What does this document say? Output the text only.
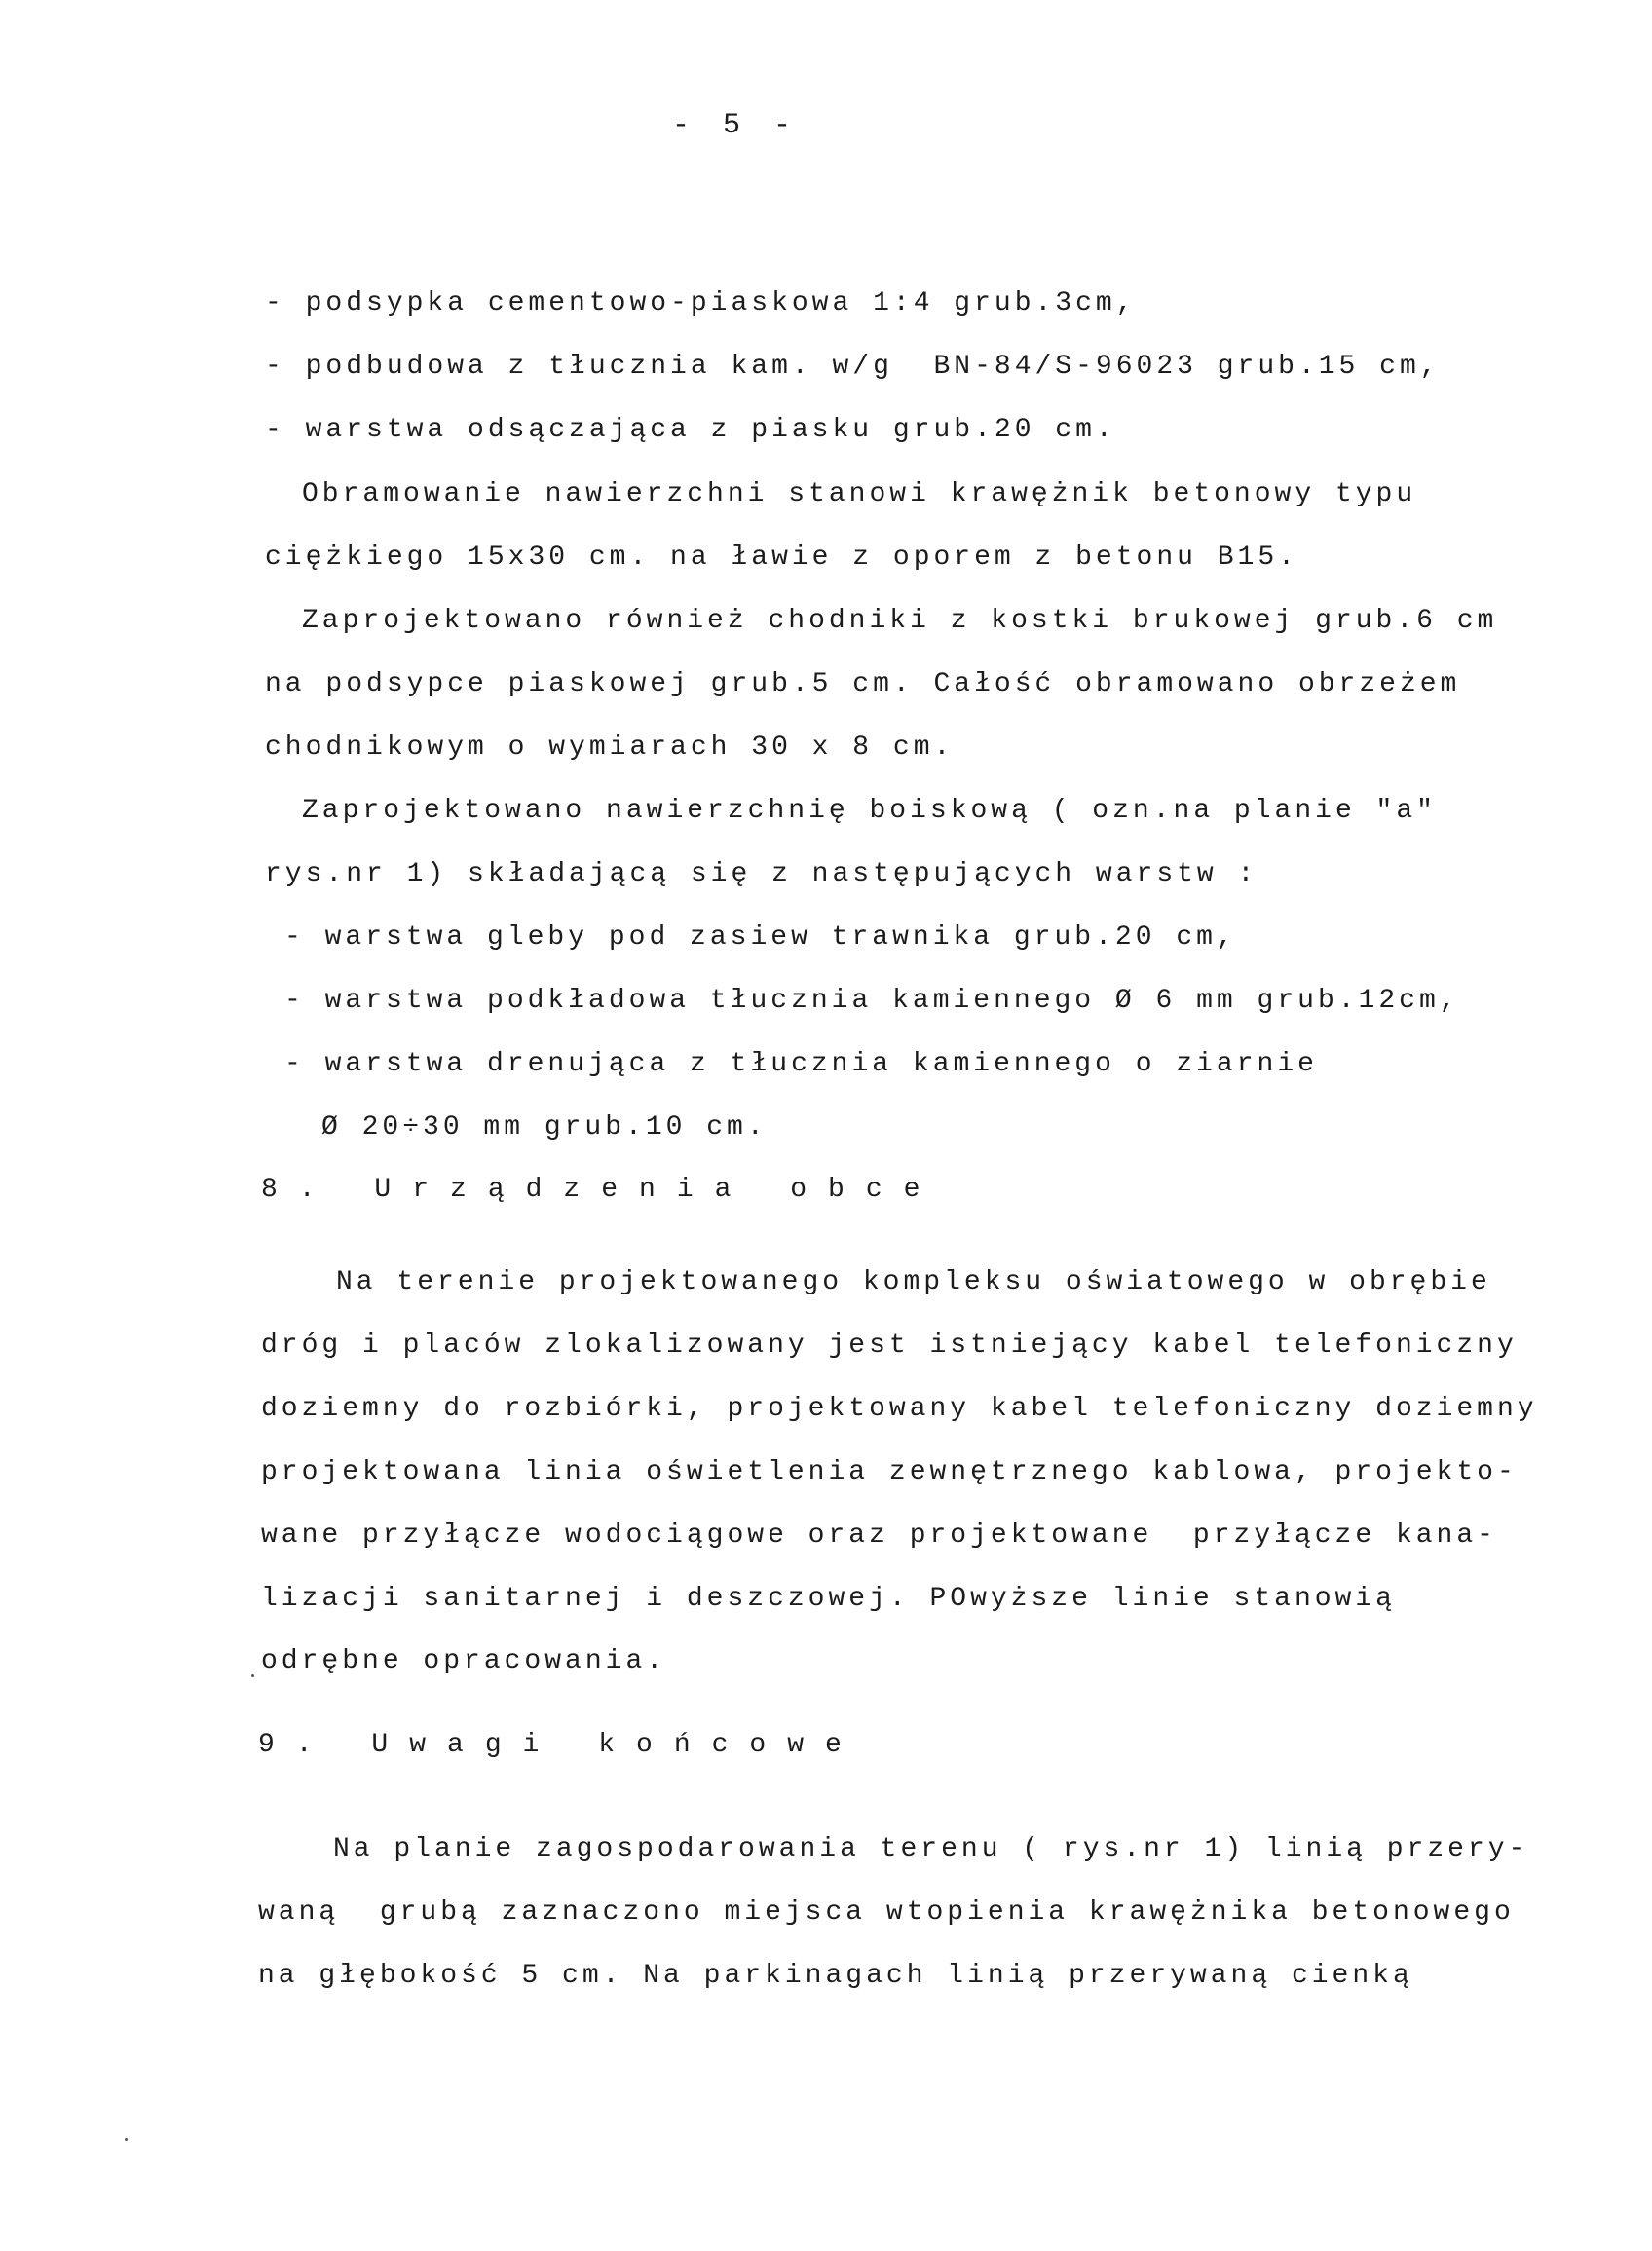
- 5 -
- podsypka cementowo-piaskowa 1:4 grub.3cm,
- podbudowa z tłucznia kam. w/g  BN-84/S-96023 grub.15 cm,
- warstwa odsączająca z piasku grub.20 cm.
Obramowanie nawierzchni stanowi krawężnik betonowy typu
ciężkiego 15x30 cm. na ławie z oporem z betonu B15.
Zaprojektowano również chodniki z kostki brukowej grub.6 cm
na podsypce piaskowej grub.5 cm. Całość obramowano obrzeżem
chodnikowym o wymiarach 30 x 8 cm.
Zaprojektowano nawierzchnię boiskową ( ozn.na planie "a"
rys.nr 1) składającą się z następujących warstw :
- warstwa gleby pod zasiew trawnika grub.20 cm,
- warstwa podkładowa tłucznia kamiennego Ø 6 mm grub.12cm,
- warstwa drenująca z tłucznia kamiennego o ziarnie
Ø 20÷30 mm grub.10 cm.
8. Urządzenia obce
Na terenie projektowanego kompleksu oświatowego w obrębie
dróg i placów zlokalizowany jest istniejący kabel telefoniczny
doziemny do rozbiórki, projektowany kabel telefoniczny doziemny
projektowana linia oświetlenia zewnętrznego kablowa, projekto-
wane przyłącze wodociągowe oraz projektowane  przyłącze kana-
lizacji sanitarnej i deszczowej. POwyższe linie stanowią
odrębne opracowania.
9. Uwagi końcowe
Na planie zagospodarowania terenu ( rys.nr 1) linią przery-
waną  grubą zaznaczono miejsca wtopienia krawężnika betonowego
na głębokość 5 cm. Na parkinagach linią przerywaną cienką
